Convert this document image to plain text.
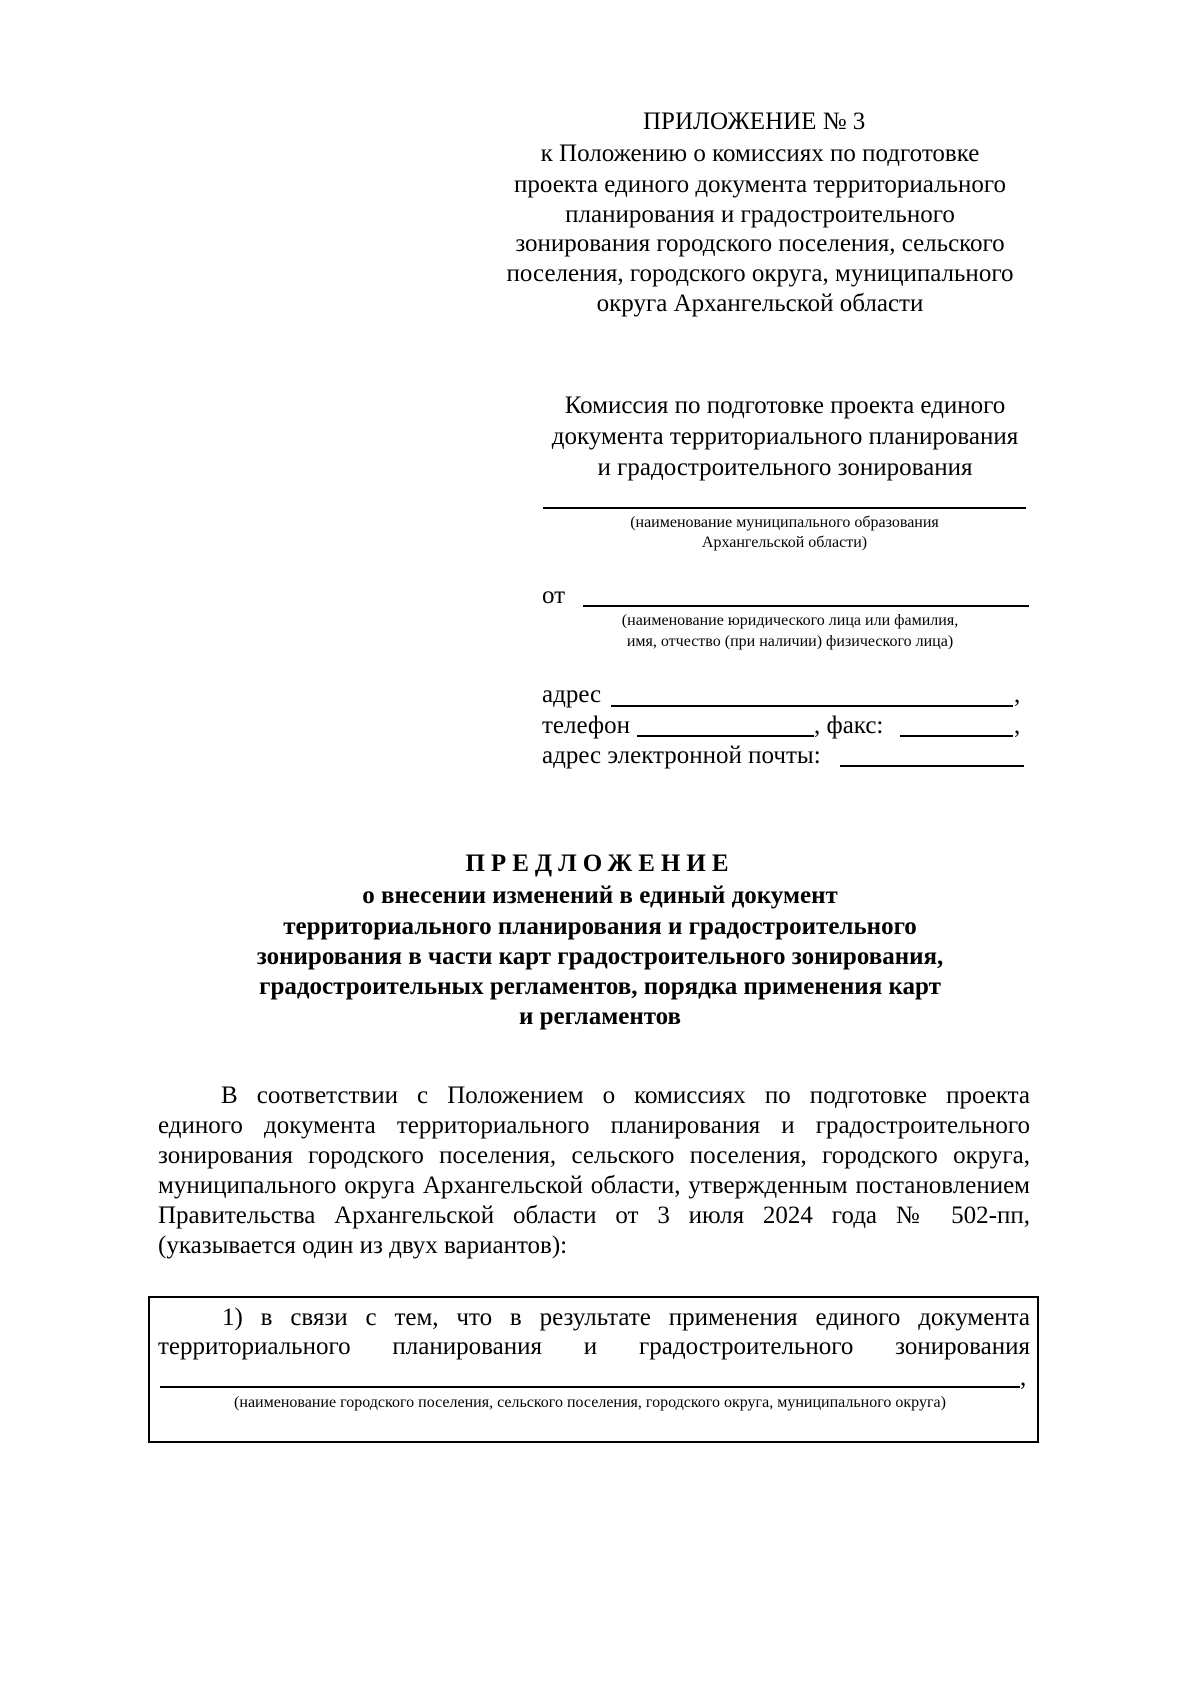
ПРИЛОЖЕНИЕ № 3
к Положению о комиссиях по подготовке
проекта единого документа территориального
планирования и градостроительного
зонирования городского поселения, сельского
поселения, городского округа, муниципального
округа Архангельской области
Комиссия по подготовке проекта единого
документа территориального планирования
и градостроительного зонирования
(наименование муниципального образования
Архангельской области)
от
(наименование юридического лица или фамилия,
имя, отчество (при наличии) физического лица)
адрес	,
телефон	, факс:	,
адрес электронной почты:
ПРЕДЛОЖЕНИЕ
о внесении изменений в единый документ
территориального планирования и градостроительного
зонирования в части карт градостроительного зонирования,
градостроительных регламентов, порядка применения карт
и регламентов
В соответствии с Положением о комиссиях по подготовке проекта
единого документа территориального планирования и градостроительного
зонирования городского поселения, сельского поселения, городского округа,
муниципального округа Архангельской области, утвержденным постановлением
Правительства Архангельской области от 3 июля 2024 года № 502-пп,
(указывается один из двух вариантов):
1) в связи с тем, что в результате применения единого документа
территориального планирования и градостроительного зонирования
,
(наименование городского поселения, сельского поселения, городского округа, муниципального округа)
